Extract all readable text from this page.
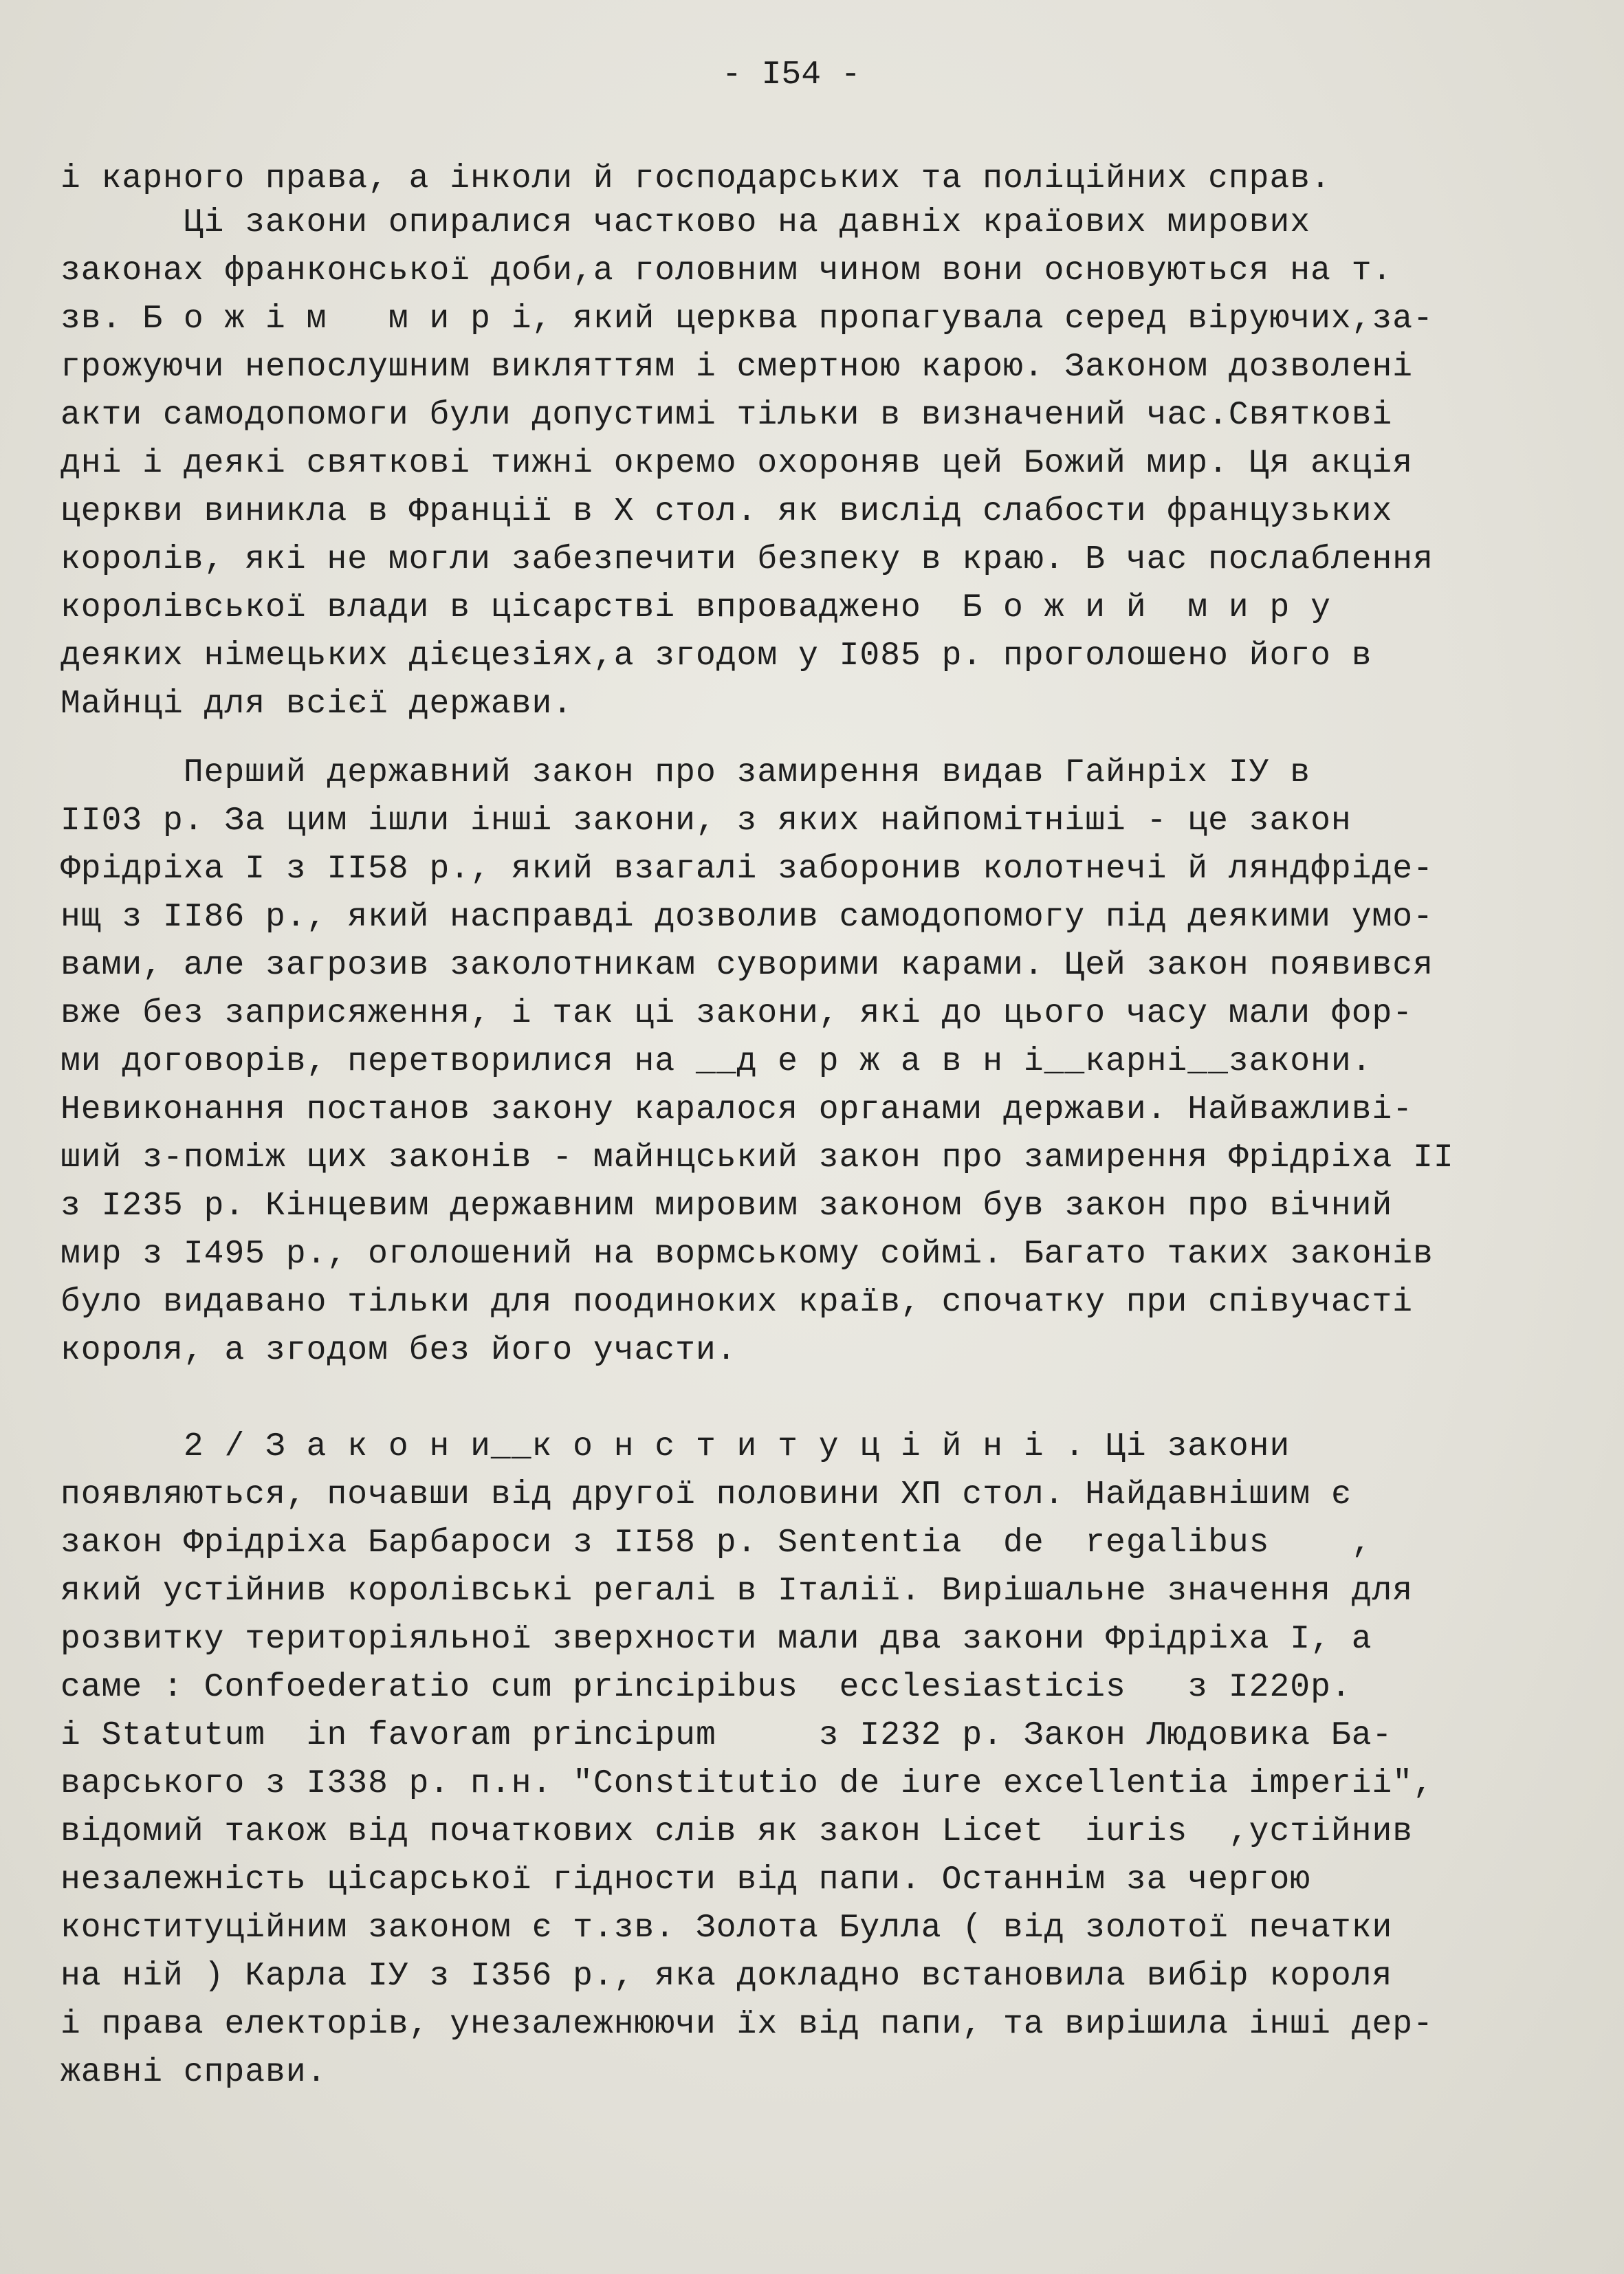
- I54 -
і карного права, а інколи й господарських та поліційних справ.
Ці закони опиралися частково на давніх країових мирових
законах франконської доби,а головним чином вони основуються на т.
зв. Б о ж і м   м и р і, який церква пропагувала серед віруючих,за-
грожуючи непослушним викляттям і смертною карою. Законом дозволені
акти самодопомоги були допустимі тільки в визначений час.Святкові
дні і деякі святкові тижні окремо охороняв цей Божий мир. Ця акція
церкви виникла в Франції в Х стол. як вислід слабости французьких
королів, які не могли забезпечити безпеку в краю. В час послаблення
королівської влади в цісарстві впроваджено  Б о ж и й  м и р у
деяких німецьких дієцезіях,а згодом у I085 р. проголошено його в
Майнці для всієї держави.
Перший державний закон про замирення видав Гайнріх ІУ в
II03 р. За цим ішли інші закони, з яких найпомітніші - це закон
Фрідріха І з II58 р., який взагалі заборонив колотнечі й ляндфріде-
нщ з II86 р., який насправді дозволив самодопомогу під деякими умо-
вами, але загрозив заколотникам суворими карами. Цей закон появився
вже без заприсяження, і так ці закони, які до цього часу мали фор-
ми договорів, перетворилися на __д е р ж а в н і__карні__закони.
Невиконання постанов закону каралося органами держави. Найважливі-
ший з-поміж цих законів - майнцський закон про замирення Фрідріха ІІ
з I235 р. Кінцевим державним мировим законом був закон про вічний
мир з I495 р., оголошений на вормському соймі. Багато таких законів
було видавано тільки для поодиноких країв, спочатку при співучасті
короля, а згодом без його участи.
2 / З а к о н и__к о н с т и т у ц і й н і . Ці закони
появляються, почавши від другої половини ХП стол. Найдавнішим є
закон Фрідріха Барбароси з II58 р. Sententia  de  regalibus    ,
який устійнив королівські регалі в Італії. Вирішальне значення для
розвитку територіяльної зверхности мали два закони Фрідріха І, а
саме : Confoederatio cum principibus  ecclesiasticis   з I220р.
і Statutum  in favoram principum     з I232 р. Закон Людовика Ба-
варського з I338 р. п.н. "Constitutio de iure excellentia imperii",
відомий також від початкових слів як закон Licet  iuris  ,устійнив
незалежність цісарської гідности від папи. Останнім за чергою
конституційним законом є т.зв. Золота Булла ( від золотої печатки
на ній ) Карла ІУ з I356 р., яка докладно встановила вибір короля
і права електорів, унезалежнюючи їх від папи, та вирішила інші дер-
жавні справи.
